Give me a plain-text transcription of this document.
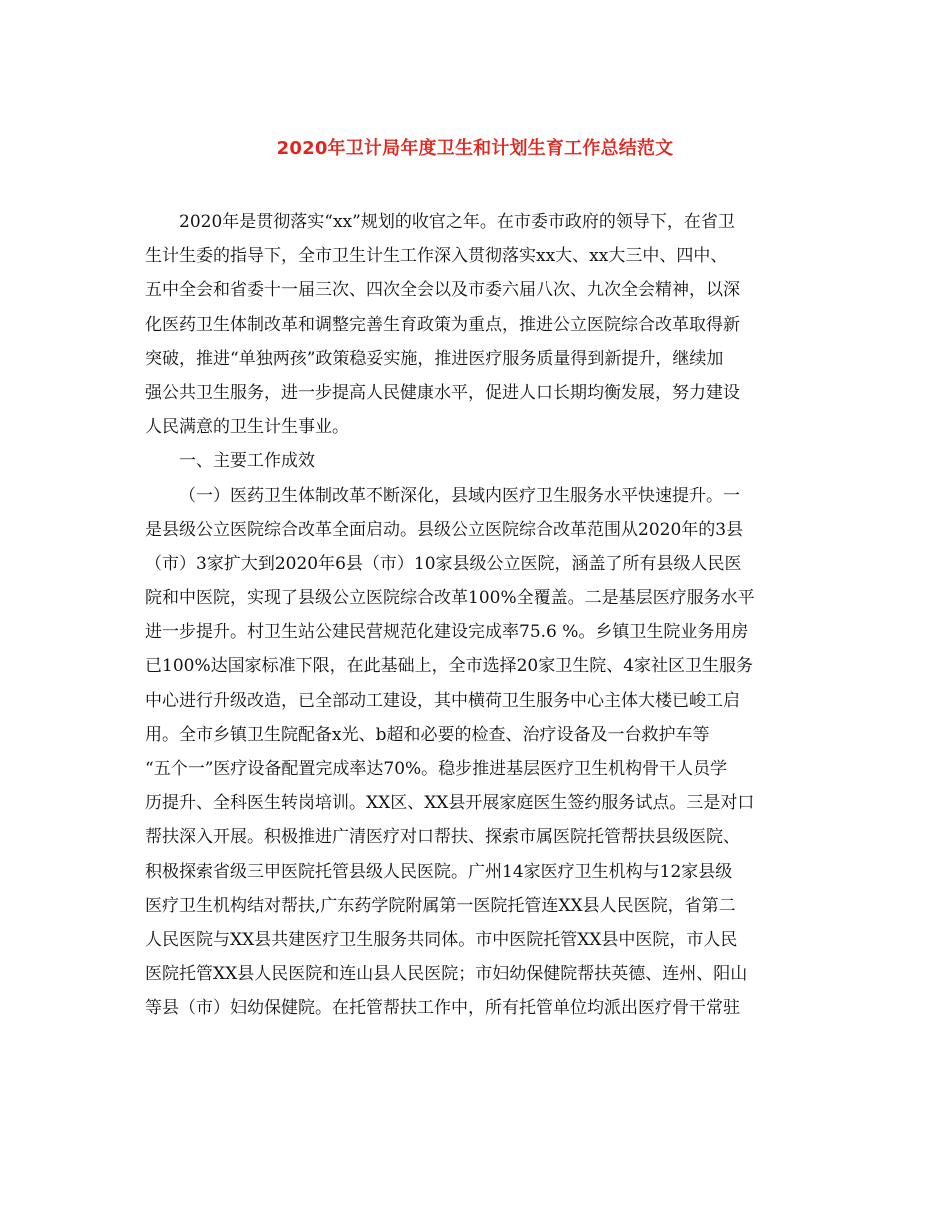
2020年卫计局年度卫生和计划生育工作总结范文
2020年是贯彻落实“xx”规划的收官之年。在市委市政府的领导下，在省卫
生计生委的指导下，全市卫生计生工作深入贯彻落实xx大、xx大三中、四中、
五中全会和省委十一届三次、四次全会以及市委六届八次、九次全会精神，以深
化医药卫生体制改革和调整完善生育政策为重点，推进公立医院综合改革取得新
突破，推进“单独两孩”政策稳妥实施，推进医疗服务质量得到新提升，继续加
强公共卫生服务，进一步提高人民健康水平，促进人口长期均衡发展，努力建设
人民满意的卫生计生事业。
一、主要工作成效
（一）医药卫生体制改革不断深化，县域内医疗卫生服务水平快速提升。一
是县级公立医院综合改革全面启动。县级公立医院综合改革范围从2020年的3县
（市）3家扩大到2020年6县（市）10家县级公立医院，涵盖了所有县级人民医
院和中医院，实现了县级公立医院综合改革100%全覆盖。二是基层医疗服务水平
进一步提升。村卫生站公建民营规范化建设完成率75.6 %。乡镇卫生院业务用房
已100%达国家标准下限，在此基础上，全市选择20家卫生院、4家社区卫生服务
中心进行升级改造，已全部动工建设，其中横荷卫生服务中心主体大楼已峻工启
用。全市乡镇卫生院配备x光、b超和必要的检查、治疗设备及一台救护车等
“五个一”医疗设备配置完成率达70%。稳步推进基层医疗卫生机构骨干人员学
历提升、全科医生转岗培训。XX区、XX县开展家庭医生签约服务试点。三是对口
帮扶深入开展。积极推进广清医疗对口帮扶、探索市属医院托管帮扶县级医院、
积极探索省级三甲医院托管县级人民医院。广州14家医疗卫生机构与12家县级
医疗卫生机构结对帮扶,广东药学院附属第一医院托管连XX县人民医院，省第二
人民医院与XX县共建医疗卫生服务共同体。市中医院托管XX县中医院，市人民
医院托管XX县人民医院和连山县人民医院；市妇幼保健院帮扶英德、连州、阳山
等县（市）妇幼保健院。在托管帮扶工作中，所有托管单位均派出医疗骨干常驻
